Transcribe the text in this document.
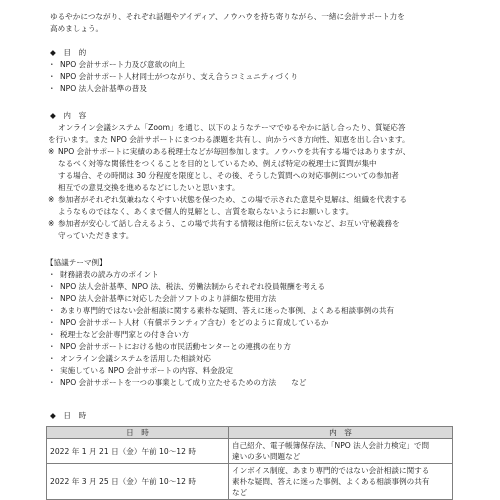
ゆるやかにつながり、それぞれ話題やアイディア、ノウハウを持ち寄りながら、一緒に会計サポート力を
高めましょう。
◆　目　的
・ NPO 会計サポート力及び意欲の向上
・ NPO 会計サポート人材同士がつながり、支え合うコミュニティづくり
・ NPO 法人会計基準の普及
◆　内　容
オンライン会議システム「Zoom」を通じ、以下のようなテーマでゆるやかに話し合ったり、質疑応答
を行います。また NPO 会計サポートにまつわる課題を共有し、向かうべき方向性、知恵を出し合います。
※ NPO 会計サポートに実績のある税理士などが毎回参加します。ノウハウを共有する場ではありますが、
なるべく対等な関係性をつくることを目的としているため、例えば特定の税理士に質問が集中
する場合、その時間は 30 分程度を限度とし、その後、そうした質問への対応事例についての参加者
相互での意見交換を進めるなどにしたいと思います。
※ 参加者がそれぞれ気兼ねなくやすい状態を保つため、この場で示された意見や見解は、組織を代表する
ようなものではなく、あくまで個人的見解とし、言質を取らないようにお願いします。
※ 参加者が安心して話し合えるよう、この場で共有する情報は他所に伝えないなど、お互い守秘義務を
守っていただきます。
【協議テーマ例】
・ 財務諸表の読み方のポイント
・ NPO 法人会計基準、NPO 法、税法、労働法制からそれぞれ役員報酬を考える
・ NPO 法人会計基準に対応した会計ソフトのより詳細な使用方法
・ あまり専門的ではない会計相談に関する素朴な疑問、答えに迷った事例、よくある相談事例の共有
・ NPO 会計サポート人材（有償ボランティア含む）をどのように育成しているか
・ 税理士など会計専門家との付き合い方
・ NPO 会計サポートにおける他の市民活動センターとの連携の在り方
・ オンライン会議システムを活用した相談対応
・ 実施している NPO 会計サポートの内容、料金設定
・ NPO 会計サポートを一つの事業として成り立たせるための方法　　など
◆　日　時
日　時	内　容
2022 年 1 月 21 日（金）午前 10～12 時	自己紹介、電子帳簿保存法、「NPO 法人会計力検定」で問
違いの多い問題など

2022 年 3 月 25 日（金）午前 10～12 時	インボイス制度、あまり専門的ではない会計相談に関する
素朴な疑問、答えに迷った事例、よくある相談事例の共有
など
